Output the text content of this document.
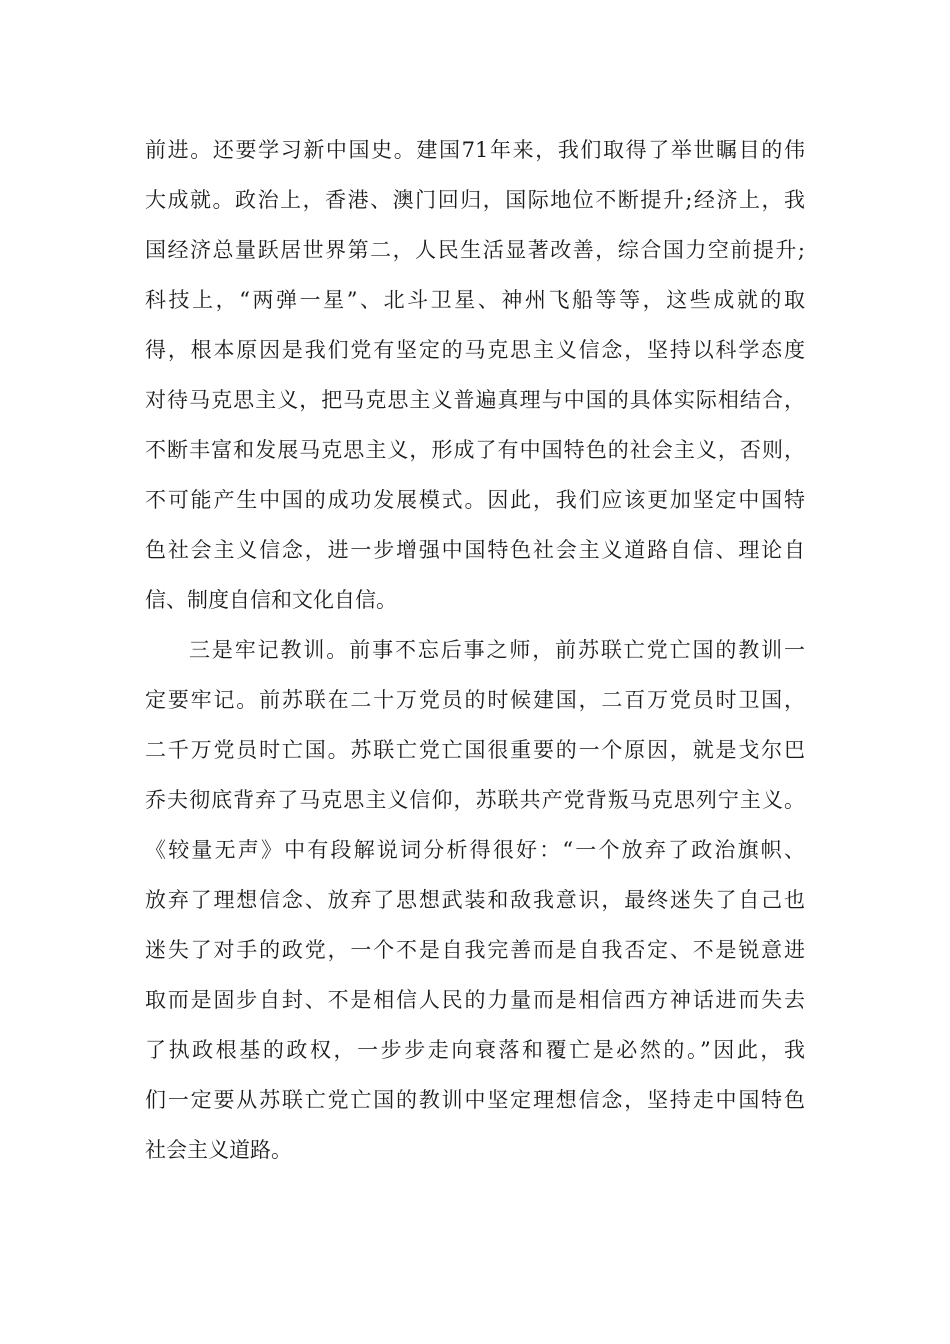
前进。还要学习新中国史。建国71年来，我们取得了举世瞩目的伟
大成就。政治上，香港、澳门回归，国际地位不断提升;经济上，我
国经济总量跃居世界第二，人民生活显著改善，综合国力空前提升;
科技上，“两弹一星”、北斗卫星、神州飞船等等，这些成就的取
得，根本原因是我们党有坚定的马克思主义信念，坚持以科学态度
对待马克思主义，把马克思主义普遍真理与中国的具体实际相结合，
不断丰富和发展马克思主义，形成了有中国特色的社会主义，否则，
不可能产生中国的成功发展模式。因此，我们应该更加坚定中国特
色社会主义信念，进一步增强中国特色社会主义道路自信、理论自
信、制度自信和文化自信。
三是牢记教训。前事不忘后事之师，前苏联亡党亡国的教训一
定要牢记。前苏联在二十万党员的时候建国，二百万党员时卫国，
二千万党员时亡国。苏联亡党亡国很重要的一个原因，就是戈尔巴
乔夫彻底背弃了马克思主义信仰，苏联共产党背叛马克思列宁主义。
《较量无声》中有段解说词分析得很好：“一个放弃了政治旗帜、
放弃了理想信念、放弃了思想武装和敌我意识，最终迷失了自己也
迷失了对手的政党，一个不是自我完善而是自我否定、不是锐意进
取而是固步自封、不是相信人民的力量而是相信西方神话进而失去
了执政根基的政权，一步步走向衰落和覆亡是必然的。”因此，我
们一定要从苏联亡党亡国的教训中坚定理想信念，坚持走中国特色
社会主义道路。
